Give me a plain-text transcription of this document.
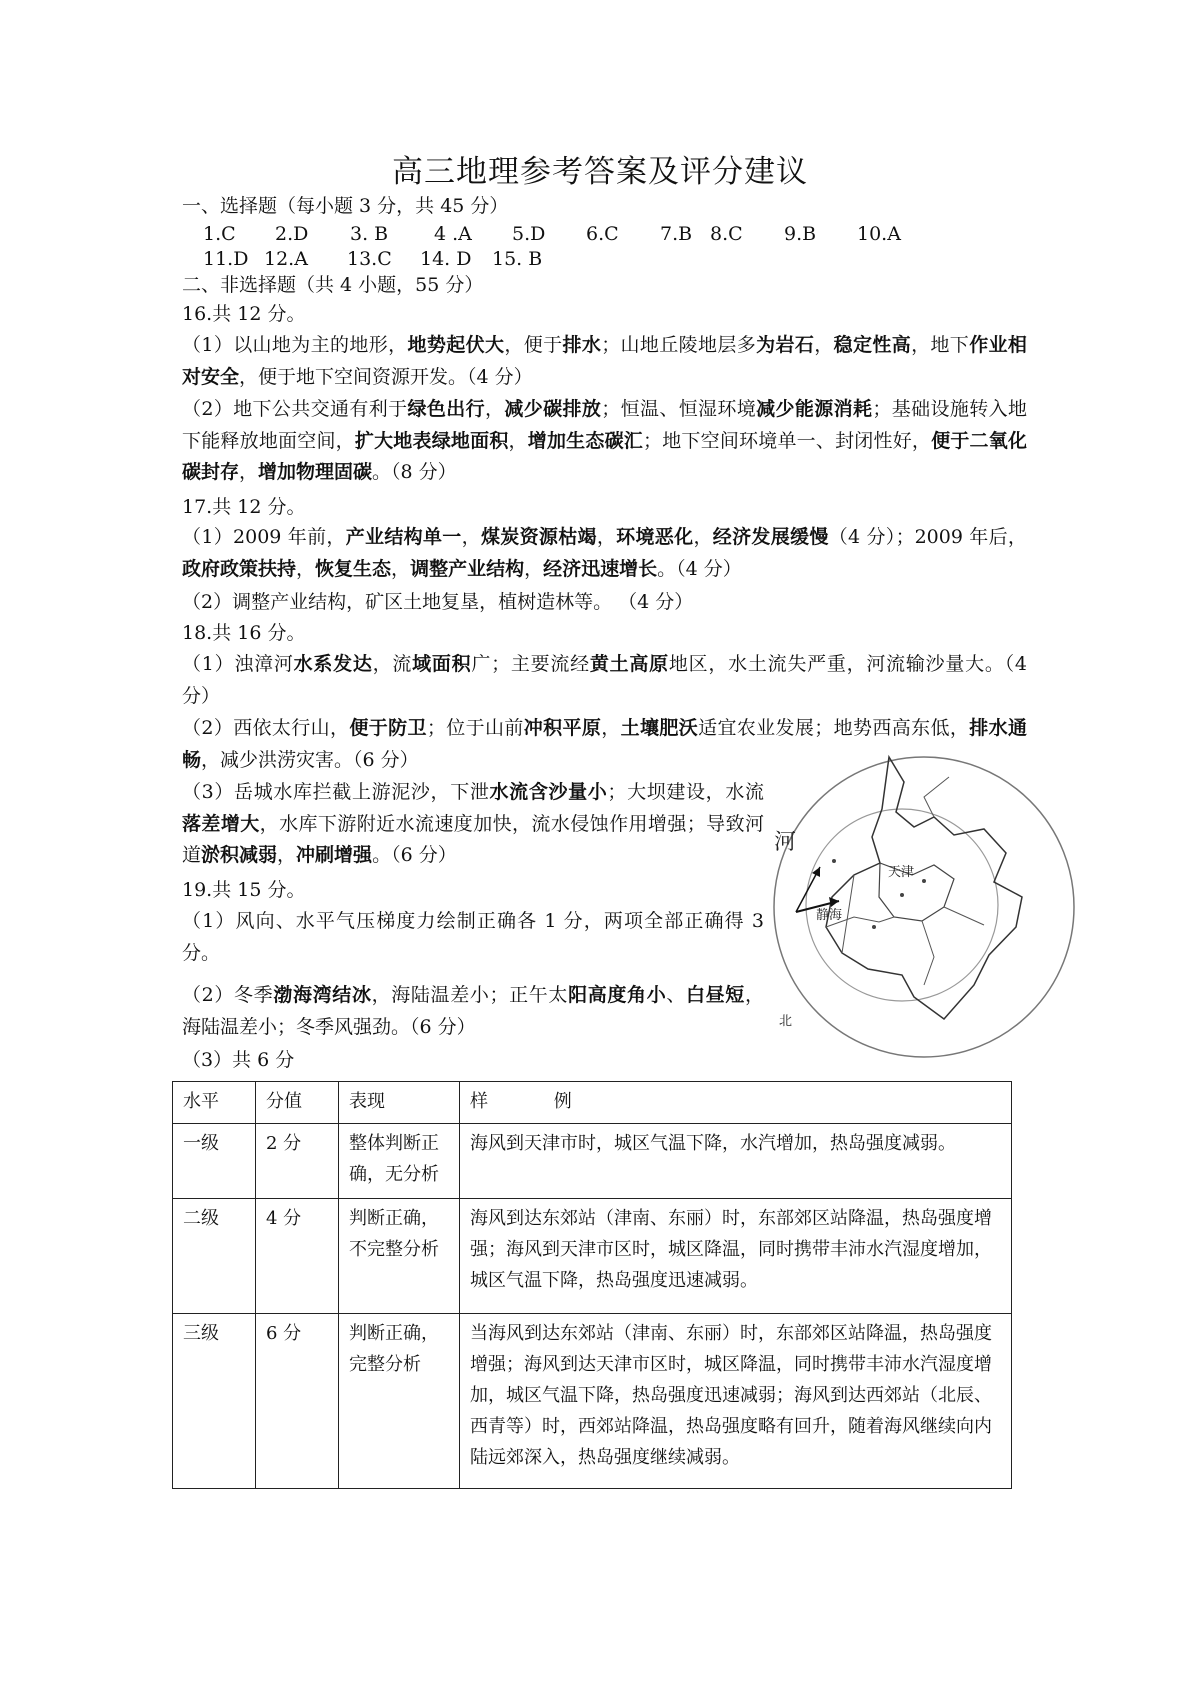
高三地理参考答案及评分建议
一、选择题（每小题 3 分，共 45 分）
1.C 2.D 3. B 4 .A 5.D 6.C 7.B 8.C 9.B 10.A
11.D 12.A 13.C 14. D 15. B
二、非选择题（共 4 小题，55 分）
16.共 12 分。
（1）以山地为主的地形，地势起伏大，便于排水；山地丘陵地层多为岩石，稳定性高，地下作业相对安全，便于地下空间资源开发。（4 分）
（2）地下公共交通有利于绿色出行，减少碳排放；恒温、恒湿环境减少能源消耗；基础设施转入地下能释放地面空间，扩大地表绿地面积，增加生态碳汇；地下空间环境单一、封闭性好，便于二氧化碳封存，增加物理固碳。（8 分）
17.共 12 分。
（1）2009 年前，产业结构单一，煤炭资源枯竭，环境恶化，经济发展缓慢（4 分）；2009 年后，政府政策扶持，恢复生态，调整产业结构，经济迅速增长。（4 分）
（2）调整产业结构，矿区土地复垦，植树造林等。 （4 分）
18.共 16 分。
（1）浊漳河水系发达，流域面积广；主要流经黄土高原地区，水土流失严重，河流输沙量大。（4 分）
（2）西依太行山，便于防卫；位于山前冲积平原，土壤肥沃适宜农业发展；地势西高东低，排水通畅，减少洪涝灾害。（6 分）
（3）岳城水库拦截上游泥沙，下泄水流含沙量小；大坝建设，水流落差增大，水库下游附近水流速度加快，流水侵蚀作用增强；导致河道淤积减弱，冲刷增强。（6 分）
19.共 15 分。
（1）风向、水平气压梯度力绘制正确各 1 分，两项全部正确得 3 分。
（2）冬季渤海湾结冰，海陆温差小；正午太阳高度角小、白昼短，海陆温差小；冬季风强劲。（6 分）
（3）共 6 分
河
天津
静海
北
水平	分值	表现	样 例
一级	2 分	整体判断正确，无分析	海风到天津市时，城区气温下降，水汽增加，热岛强度减弱。
二级	4 分	判断正确，不完整分析	海风到达东郊站（津南、东丽）时，东部郊区站降温，热岛强度增强；海风到天津市区时，城区降温，同时携带丰沛水汽湿度增加，城区气温下降，热岛强度迅速减弱。
三级	6 分	判断正确，完整分析	当海风到达东郊站（津南、东丽）时，东部郊区站降温，热岛强度增强；海风到达天津市区时，城区降温，同时携带丰沛水汽湿度增加，城区气温下降，热岛强度迅速减弱；海风到达西郊站（北辰、西青等）时，西郊站降温，热岛强度略有回升，随着海风继续向内陆远郊深入，热岛强度继续减弱。
